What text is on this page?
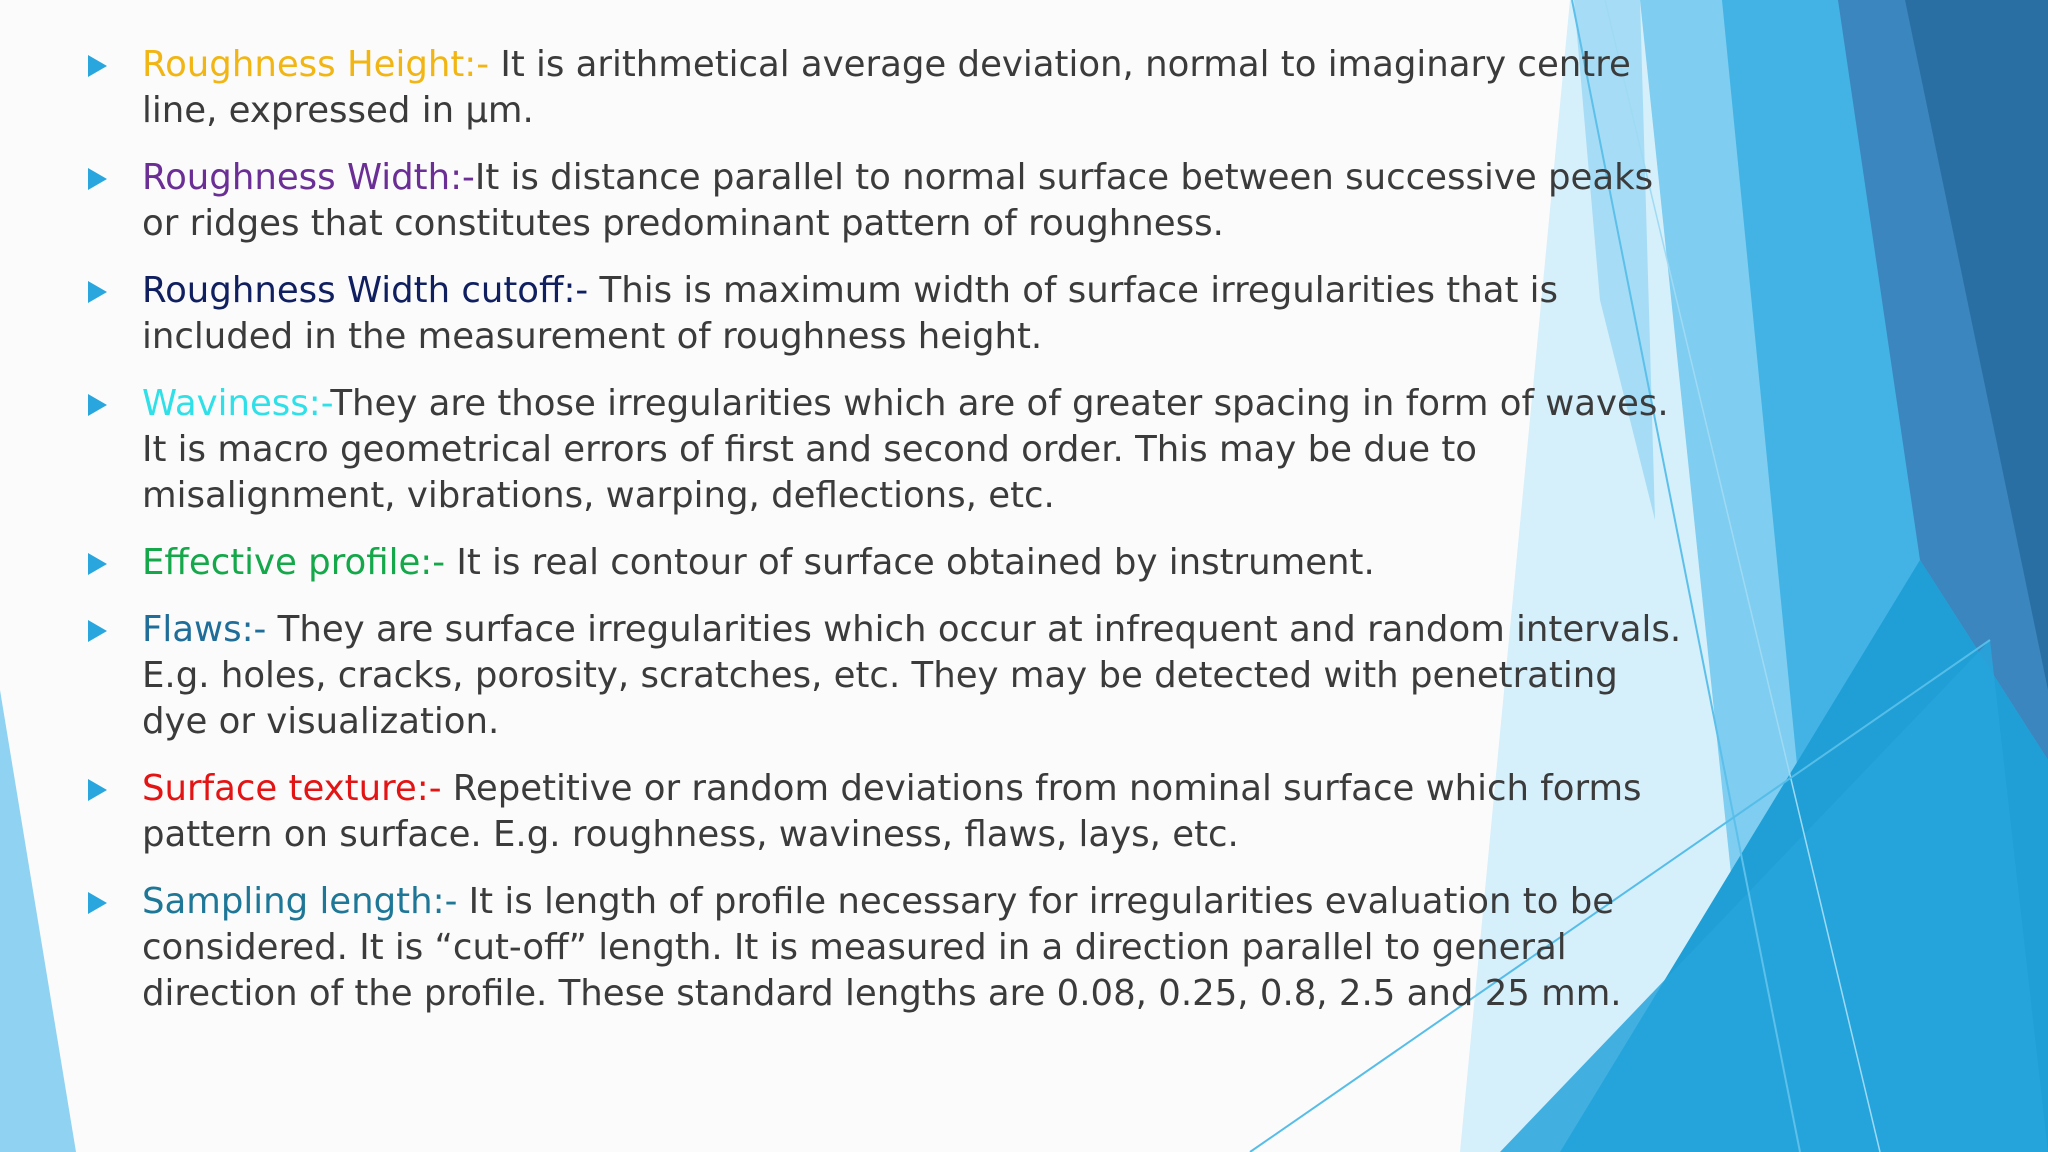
Roughness Height:- It is arithmetical average deviation, normal to imaginary centre line, expressed in µm.
Roughness Width:-It is distance parallel to normal surface between successive peaks or ridges that constitutes predominant pattern of roughness.
Roughness Width cutoff:- This is maximum width of surface irregularities that is included in the measurement of roughness height.
Waviness:-They are those irregularities which are of greater spacing in form of waves. It is macro geometrical errors of first and second order. This may be due to misalignment, vibrations, warping, deflections, etc.
Effective profile:- It is real contour of surface obtained by instrument.
Flaws:- They are surface irregularities which occur at infrequent and random intervals. E.g. holes, cracks, porosity, scratches, etc. They may be detected with penetrating dye or visualization.
Surface texture:- Repetitive or random deviations from nominal surface which forms pattern on surface. E.g. roughness, waviness, flaws, lays, etc.
Sampling length:- It is length of profile necessary for irregularities evaluation to be considered. It is “cut-off” length. It is measured in a direction parallel to general direction of the profile. These standard lengths are 0.08, 0.25, 0.8, 2.5 and 25 mm.
